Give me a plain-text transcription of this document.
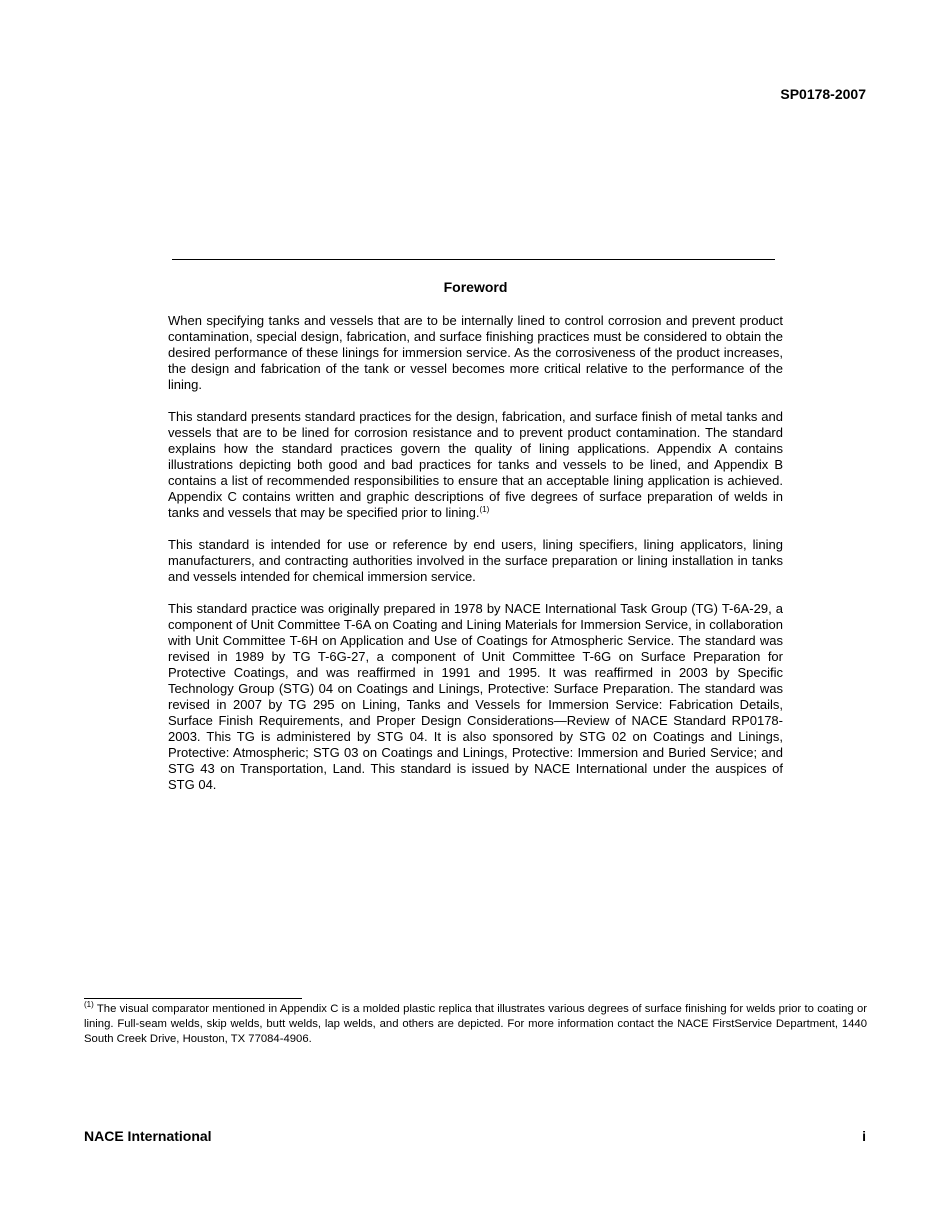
SP0178-2007
Foreword

When specifying tanks and vessels that are to be internally lined to control corrosion and prevent product contamination, special design, fabrication, and surface finishing practices must be considered to obtain the desired performance of these linings for immersion service. As the corrosiveness of the product increases, the design and fabrication of the tank or vessel becomes more critical relative to the performance of the lining.

This standard presents standard practices for the design, fabrication, and surface finish of metal tanks and vessels that are to be lined for corrosion resistance and to prevent product contamination. The standard explains how the standard practices govern the quality of lining applications. Appendix A contains illustrations depicting both good and bad practices for tanks and vessels to be lined, and Appendix B contains a list of recommended responsibilities to ensure that an acceptable lining application is achieved. Appendix C contains written and graphic descriptions of five degrees of surface preparation of welds in tanks and vessels that may be specified prior to lining.$^{(1)}$

This standard is intended for use or reference by end users, lining specifiers, lining applicators, lining manufacturers, and contracting authorities involved in the surface preparation or lining installation in tanks and vessels intended for chemical immersion service.

This standard practice was originally prepared in 1978 by NACE International Task Group (TG) T-6A-29, a component of Unit Committee T-6A on Coating and Lining Materials for Immersion Service, in collaboration with Unit Committee T-6H on Application and Use of Coatings for Atmospheric Service. The standard was revised in 1989 by TG T-6G-27, a component of Unit Committee T-6G on Surface Preparation for Protective Coatings, and was reaffirmed in 1991 and 1995. It was reaffirmed in 2003 by Specific Technology Group (STG) 04 on Coatings and Linings, Protective: Surface Preparation. The standard was revised in 2007 by TG 295 on Lining, Tanks and Vessels for Immersion Service: Fabrication Details, Surface Finish Requirements, and Proper Design Considerations—Review of NACE Standard RP0178-2003. This TG is administered by STG 04. It is also sponsored by STG 02 on Coatings and Linings, Protective: Atmospheric; STG 03 on Coatings and Linings, Protective: Immersion and Buried Service; and STG 43 on Transportation, Land. This standard is issued by NACE International under the auspices of STG 04.

$^{(1)}$ The visual comparator mentioned in Appendix C is a molded plastic replica that illustrates various degrees of surface finishing for welds prior to coating or lining. Full-seam welds, skip welds, butt welds, lap welds, and others are depicted. For more information contact the NACE FirstService Department, 1440 South Creek Drive, Houston, TX 77084-4906.

NACE International	i
